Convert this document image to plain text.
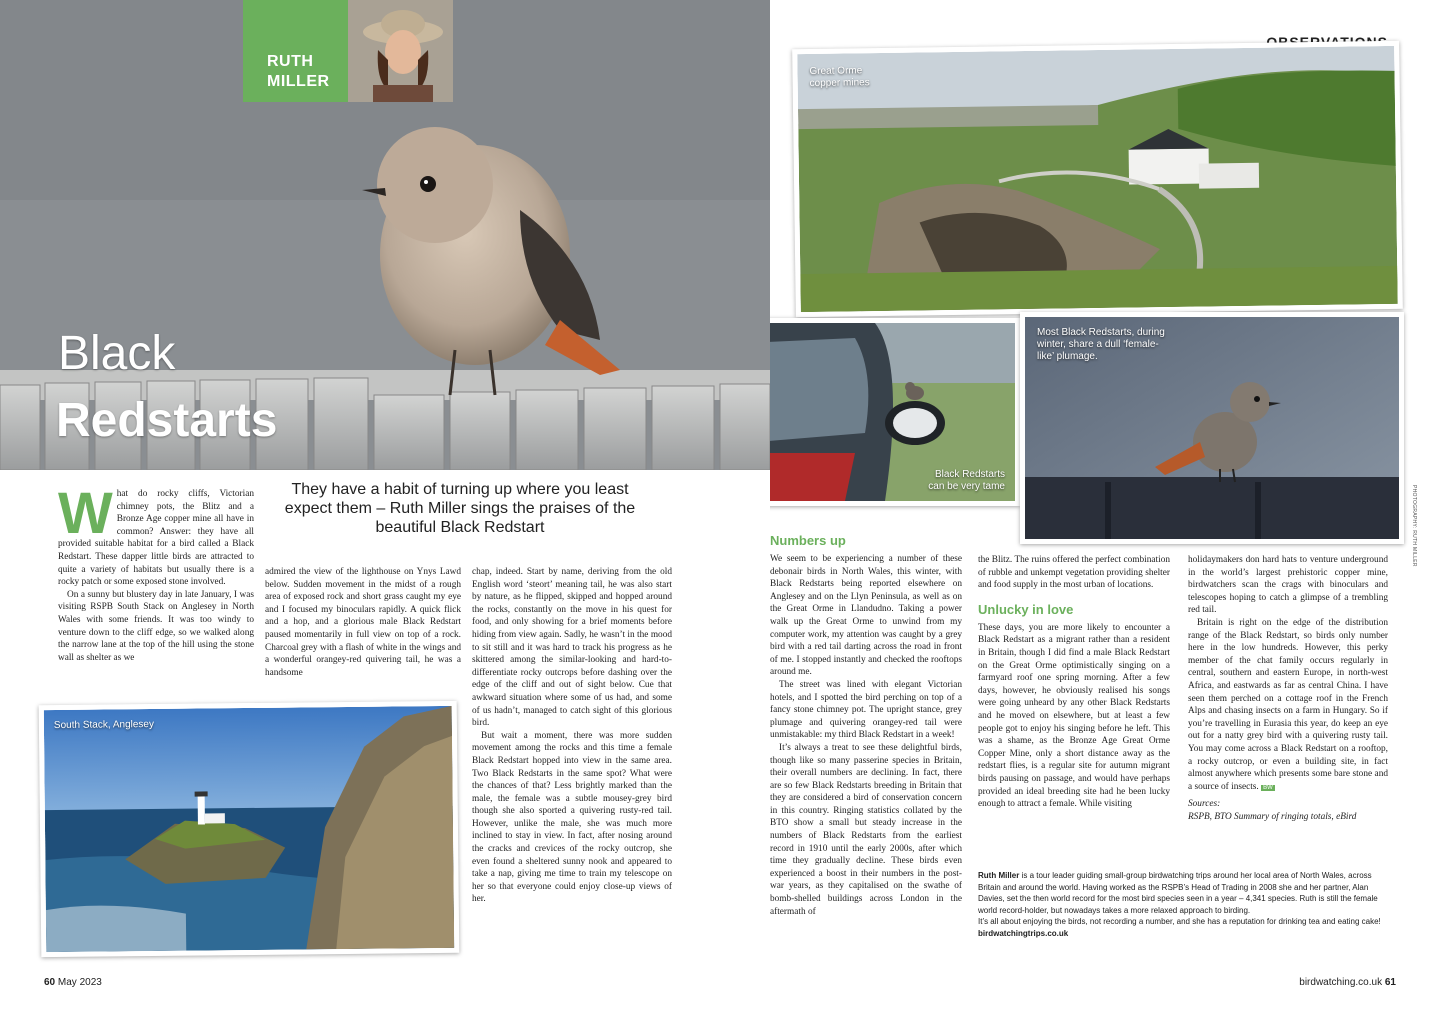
RUTH
MILLER
Black
Redstarts
They have a habit of turning up where you least expect them – Ruth Miller sings the praises of the beautiful Black Redstart

What do rocky cliffs, Victorian chimney pots, the Blitz and a Bronze Age copper mine all have in common? Answer: they have all provided suitable habitat for a bird called a Black Redstart. These dapper little birds are attracted to quite a variety of habitats but usually there is a rocky patch or some exposed stone involved.

On a sunny but blustery day in late January, I was visiting RSPB South Stack on Anglesey in North Wales with some friends. It was too windy to venture down to the cliff edge, so we walked along the narrow lane at the top of the hill using the stone wall as shelter as we

admired the view of the lighthouse on Ynys Lawd below. Sudden movement in the midst of a rough area of exposed rock and short grass caught my eye and I focused my binoculars rapidly. A quick flick and a hop, and a glorious male Black Redstart paused momentarily in full view on top of a rock. Charcoal grey with a flash of white in the wings and a wonderful orangey-red quivering tail, he was a handsome

chap, indeed. Start by name, deriving from the old English word ‘steort’ meaning tail, he was also start by nature, as he flipped, skipped and hopped around the rocks, constantly on the move in his quest for food, and only showing for a brief moments before hiding from view again. Sadly, he wasn’t in the mood to sit still and it was hard to track his progress as he skittered among the similar-looking and hard-to-differentiate rocky outcrops before dashing over the edge of the cliff and out of sight below. Cue that awkward situation where some of us had, and some of us hadn’t, managed to catch sight of this glorious bird.

But wait a moment, there was more sudden movement among the rocks and this time a female Black Redstart hopped into view in the same area. Two Black Redstarts in the same spot? What were the chances of that? Less brightly marked than the male, the female was a subtle mousey-grey bird though she also sported a quivering rusty-red tail. However, unlike the male, she was much more inclined to stay in view. In fact, after nosing around the cracks and crevices of the rocky outcrop, she even found a sheltered sunny nook and appeared to take a nap, giving me time to train my telescope on her so that everyone could enjoy close-up views of her.

South Stack, Anglesey
60 May 2023
Great Orme copper mines
Black Redstarts can be very tame
Most Black Redstarts, during winter, share a dull ‘female-like’ plumage.
PHOTOGRAPHY: RUTH MILLER
Numbers up

We seem to be experiencing a number of these debonair birds in North Wales, this winter, with Black Redstarts being reported elsewhere on Anglesey and on the Llyn Peninsula, as well as on the Great Orme in Llandudno. Taking a power walk up the Great Orme to unwind from my computer work, my attention was caught by a grey bird with a red tail darting across the road in front of me. I stopped instantly and checked the rooftops around me.

The street was lined with elegant Victorian hotels, and I spotted the bird perching on top of a fancy stone chimney pot. The upright stance, grey plumage and quivering orangey-red tail were unmistakable: my third Black Redstart in a week!

It’s always a treat to see these delightful birds, though like so many passerine species in Britain, their overall numbers are declining. In fact, there are so few Black Redstarts breeding in Britain that they are considered a bird of conservation concern in this country. Ringing statistics collated by the BTO show a small but steady increase in the numbers of Black Redstarts from the earliest record in 1910 until the early 2000s, after which time they gradually decline. These birds even experienced a boost in their numbers in the post-war years, as they capitalised on the swathe of bomb-shelled buildings across London in the aftermath of

the Blitz. The ruins offered the perfect combination of rubble and unkempt vegetation providing shelter and food supply in the most urban of locations.

Unlucky in love

These days, you are more likely to encounter a Black Redstart as a migrant rather than a resident in Britain, though I did find a male Black Redstart on the Great Orme optimistically singing on a farmyard roof one spring morning. After a few days, however, he obviously realised his songs were going unheard by any other Black Redstarts and he moved on elsewhere, but at least a few people got to enjoy his singing before he left. This was a shame, as the Bronze Age Great Orme Copper Mine, only a short distance away as the redstart flies, is a regular site for autumn migrant birds pausing on passage, and would have perhaps provided an ideal breeding site had he been lucky enough to attract a female. While visiting

holidaymakers don hard hats to venture underground in the world’s largest prehistoric copper mine, birdwatchers scan the crags with binoculars and telescopes hoping to catch a glimpse of a trembling red tail.

Britain is right on the edge of the distribution range of the Black Redstart, so birds only number here in the low hundreds. However, this perky member of the chat family occurs regularly in central, southern and eastern Europe, in north-west Africa, and eastwards as far as central China. I have seen them perched on a cottage roof in the French Alps and chasing insects on a farm in Hungary. So if you’re travelling in Eurasia this year, do keep an eye out for a natty grey bird with a quivering rusty tail. You may come across a Black Redstart on a rooftop, a rocky outcrop, or even a building site, in fact almost anywhere which presents some bare stone and a source of insects. BW

Sources:

RSPB, BTO Summary of ringing totals, eBird

Ruth Miller is a tour leader guiding small-group birdwatching trips around her local area of North Wales, across Britain and around the world. Having worked as the RSPB’s Head of Trading in 2008 she and her partner, Alan Davies, set the then world record for the most bird species seen in a year – 4,341 species. Ruth is still the female world record-holder, but nowadays takes a more relaxed approach to birding.
It’s all about enjoying the birds, not recording a number, and she has a reputation for drinking tea and eating cake!
birdwatchingtrips.co.uk
birdwatching.co.uk 61
